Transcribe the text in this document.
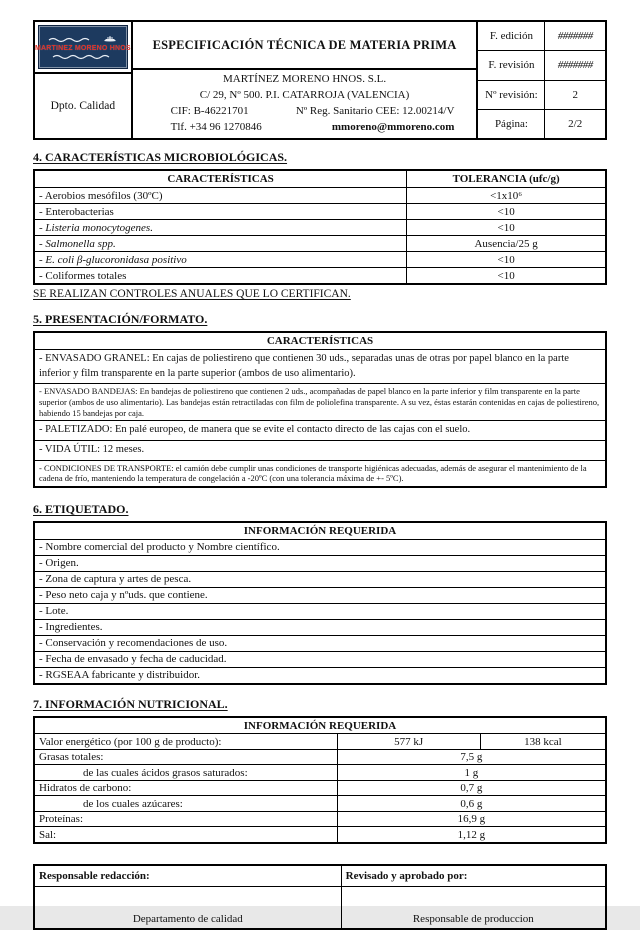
MARTINEZ MORENO HNOS
Dpto. Calidad
ESPECIFICACIÓN TÉCNICA DE MATERIA PRIMA
MARTÍNEZ MORENO HNOS. S.L.
C/ 29, Nº 500. P.I. CATARROJA (VALENCIA)
CIF: B-46221701	Nº Reg. Sanitario CEE: 12.00214/V
Tlf. +34 96 1270846	mmoreno@mmoreno.com
F. edición	#######
F. revisión	#######
Nº revisión:	2
Página:	2/2
4. CARACTERÍSTICAS MICROBIOLÓGICAS.
CARACTERÍSTICAS	TOLERANCIA (ufc/g)
- Aerobios mesófilos (30ºC)	<1x10⁶
- Enterobacterias	<10
- Listeria monocytogenes.	<10
- Salmonella spp.	Ausencia/25 g
- E. coli β-glucoronidasa positivo	<10
- Coliformes totales	<10
SE REALIZAN CONTROLES ANUALES QUE LO CERTIFICAN.
5. PRESENTACIÓN/FORMATO.
CARACTERÍSTICAS
- ENVASADO GRANEL: En cajas de poliestireno que contienen 30 uds., separadas unas de otras por papel blanco en la parte inferior y film transparente en la parte superior (ambos de uso alimentario).
- ENVASADO BANDEJAS: En bandejas de poliestireno que contienen 2 uds., acompañadas de papel blanco en la parte inferior y film transparente en la parte superior (ambos de uso alimentario). Las bandejas están retractiladas con film de poliolefina transparente. A su vez, éstas estarán contenidas en cajas de poliestireno, habiendo 15 bandejas por caja.
- PALETIZADO: En palé europeo, de manera que se evite el contacto directo de las cajas con el suelo.
- VIDA ÚTIL: 12 meses.
- CONDICIONES DE TRANSPORTE: el camión debe cumplir unas condiciones de transporte higiénicas adecuadas, además de asegurar el mantenimiento de la cadena de frío, manteniendo la temperatura de congelación a -20ºC (con una tolerancia máxima de +- 5ºC).
6. ETIQUETADO.
INFORMACIÓN REQUERIDA
- Nombre comercial del producto y Nombre científico.
- Origen.
- Zona de captura y artes de pesca.
- Peso neto caja y nºuds. que contiene.
- Lote.
- Ingredientes.
- Conservación y recomendaciones de uso.
- Fecha de envasado y fecha de caducidad.
- RGSEAA fabricante y distribuidor.
7. INFORMACIÓN NUTRICIONAL.
INFORMACIÓN REQUERIDA
Valor energético (por 100 g de producto):	577 kJ	138 kcal
Grasas totales:	7,5 g
de las cuales ácidos grasos saturados:	1 g
Hidratos de carbono:	0,7 g
de los cuales azúcares:	0,6 g
Proteínas:	16,9 g
Sal:	1,12 g
Responsable redacción:	Revisado y aprobado por:
Departamento de calidad	Responsable de produccion
